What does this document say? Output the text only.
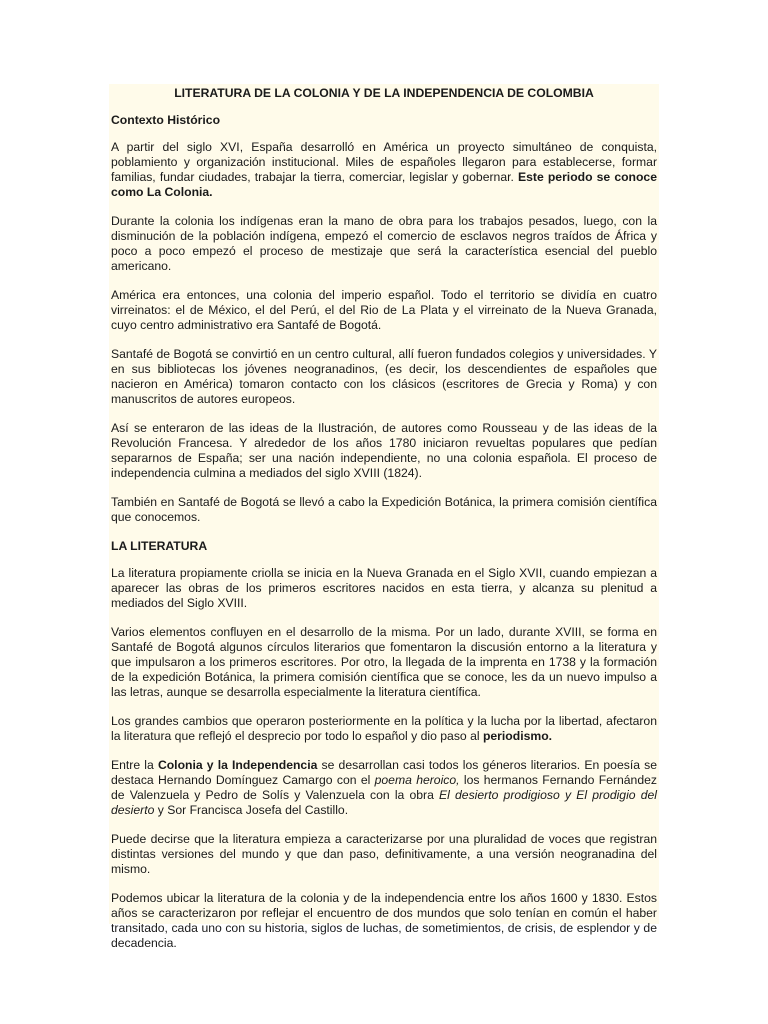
LITERATURA DE LA COLONIA Y DE LA INDEPENDENCIA DE COLOMBIA
Contexto Histórico

A partir del siglo XVI, España desarrolló en América un proyecto simultáneo de conquista, poblamiento y organización institucional. Miles de españoles llegaron para establecerse, formar familias, fundar ciudades, trabajar la tierra, comerciar, legislar y gobernar. Este periodo se conoce como La Colonia.

Durante la colonia los indígenas eran la mano de obra para los trabajos pesados, luego, con la disminución de la población indígena, empezó el comercio de esclavos negros traídos de África y poco a poco empezó el proceso de mestizaje que será la característica esencial del pueblo americano.

América era entonces, una colonia del imperio español. Todo el territorio se dividía en cuatro virreinatos: el de México, el del Perú, el del Rio de La Plata y el virreinato de la Nueva Granada, cuyo centro administrativo era Santafé de Bogotá.

Santafé de Bogotá se convirtió en un centro cultural, allí fueron fundados colegios y universidades. Y en sus bibliotecas los jóvenes neogranadinos, (es decir, los descendientes de españoles que nacieron en América) tomaron contacto con los clásicos (escritores de Grecia y Roma) y con manuscritos de autores europeos.

Así se enteraron de las ideas de la Ilustración, de autores como Rousseau y de las ideas de la Revolución Francesa. Y alrededor de los años 1780 iniciaron revueltas populares que pedían separarnos de España; ser una nación independiente, no una colonia española. El proceso de independencia culmina a mediados del siglo XVIII (1824).

También en Santafé de Bogotá se llevó a cabo la Expedición Botánica, la primera comisión científica que conocemos.

LA LITERATURA

La literatura propiamente criolla se inicia en la Nueva Granada en el Siglo XVII, cuando empiezan a aparecer las obras de los primeros escritores nacidos en esta tierra, y alcanza su plenitud a mediados del Siglo XVIII.

Varios elementos confluyen en el desarrollo de la misma. Por un lado, durante XVIII, se forma en Santafé de Bogotá algunos círculos literarios que fomentaron la discusión entorno a la literatura y que impulsaron a los primeros escritores. Por otro, la llegada de la imprenta en 1738 y la formación de la expedición Botánica, la primera comisión científica que se conoce, les da un nuevo impulso a las letras, aunque se desarrolla especialmente la literatura científica.

Los grandes cambios que operaron posteriormente en la política y la lucha por la libertad, afectaron la literatura que reflejó el desprecio por todo lo español y dio paso al periodismo.

Entre la Colonia y la Independencia se desarrollan casi todos los géneros literarios. En poesía se destaca Hernando Domínguez Camargo con el poema heroico, los hermanos Fernando Fernández de Valenzuela y Pedro de Solís y Valenzuela con la obra El desierto prodigioso y El prodigio del desierto y Sor Francisca Josefa del Castillo.

Puede decirse que la literatura empieza a caracterizarse por una pluralidad de voces que registran distintas versiones del mundo y que dan paso, definitivamente, a una versión neogranadina del mismo.

Podemos ubicar la literatura de la colonia y de la independencia entre los años 1600 y 1830. Estos años se caracterizaron por reflejar el encuentro de dos mundos que solo tenían en común el haber transitado, cada uno con su historia, siglos de luchas, de sometimientos, de crisis, de esplendor y de decadencia.
